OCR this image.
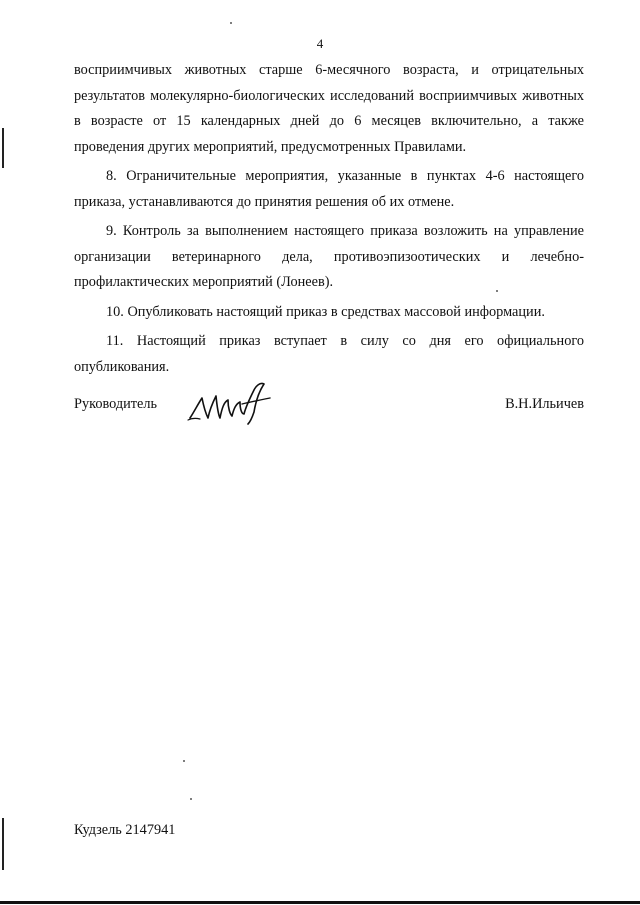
4

восприимчивых животных старше 6-месячного возраста, и отрицательных результатов молекулярно-биологических исследований восприимчивых животных в возрасте от 15 календарных дней до 6 месяцев включительно, а также проведения других мероприятий, предусмотренных Правилами.

8. Ограничительные мероприятия, указанные в пунктах 4-6 настоящего приказа, устанавливаются до принятия решения об их отмене.

9. Контроль за выполнением настоящего приказа возложить на управление организации ветеринарного дела, противоэпизоотических и лечебно-профилактических мероприятий (Лонеев).

10. Опубликовать настоящий приказ в средствах массовой информации.

11. Настоящий приказ вступает в силу со дня его официального опубликования.

Руководитель	В.Н.Ильичев
Кудзель 2147941
